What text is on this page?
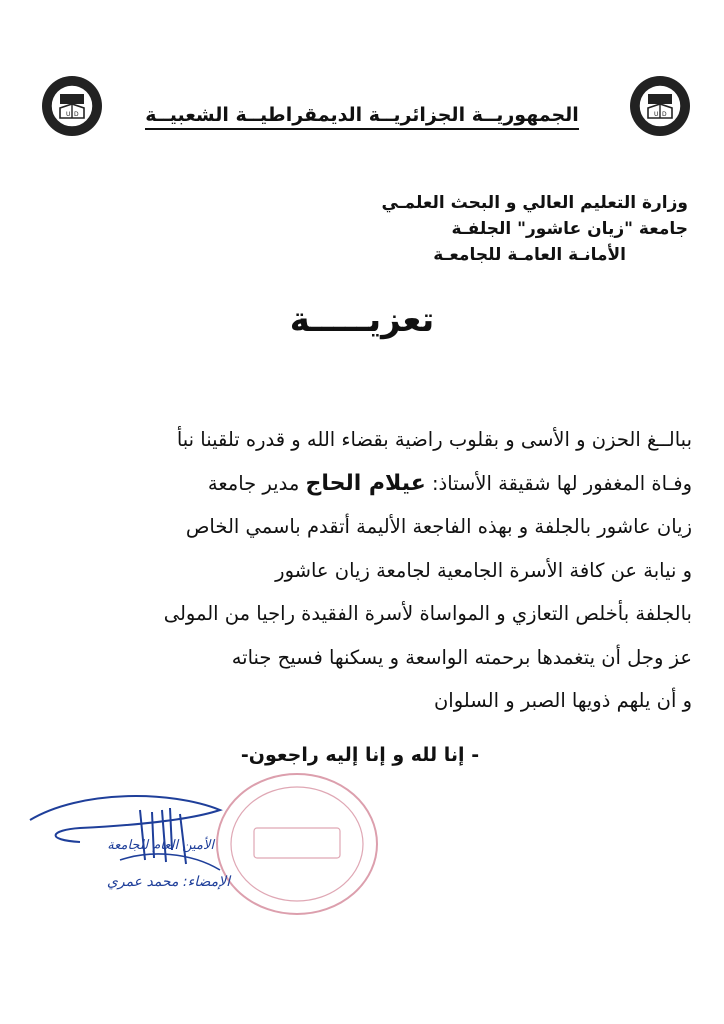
U D	U D
الجمهوريــة الجزائريــة الديمقراطيــة الشعبيــة
وزارة التعليم العالي و البحث العلمـي
جامعة "زيان عاشور" الجلفـة
الأمانـة العامـة للجامعـة
تعزيـــــة

ببالــغ الحزن و الأسى و بقلوب راضية بقضاء الله و قدره تلقينا نبأ

وفـاة المغفور لها شقيقة الأستاذ: عيلام الحاج مدير جامعة

زيان عاشور بالجلفة و بهذه الفاجعة الأليمة أتقدم باسمي الخاص

و نيابة عن كافة الأسرة الجامعية لجامعة زيان عاشور

بالجلفة بأخلص التعازي و المواساة لأسرة الفقيدة راجيا من المولى

عز وجل أن يتغمدها برحمته الواسعة و يسكنها فسيح جناته

و أن يلهم ذويها الصبر و السلوان

- إنا لله و إنا إليه راجعون-
الأمين العام للجامعة
الإمضاء: محمد عمري
